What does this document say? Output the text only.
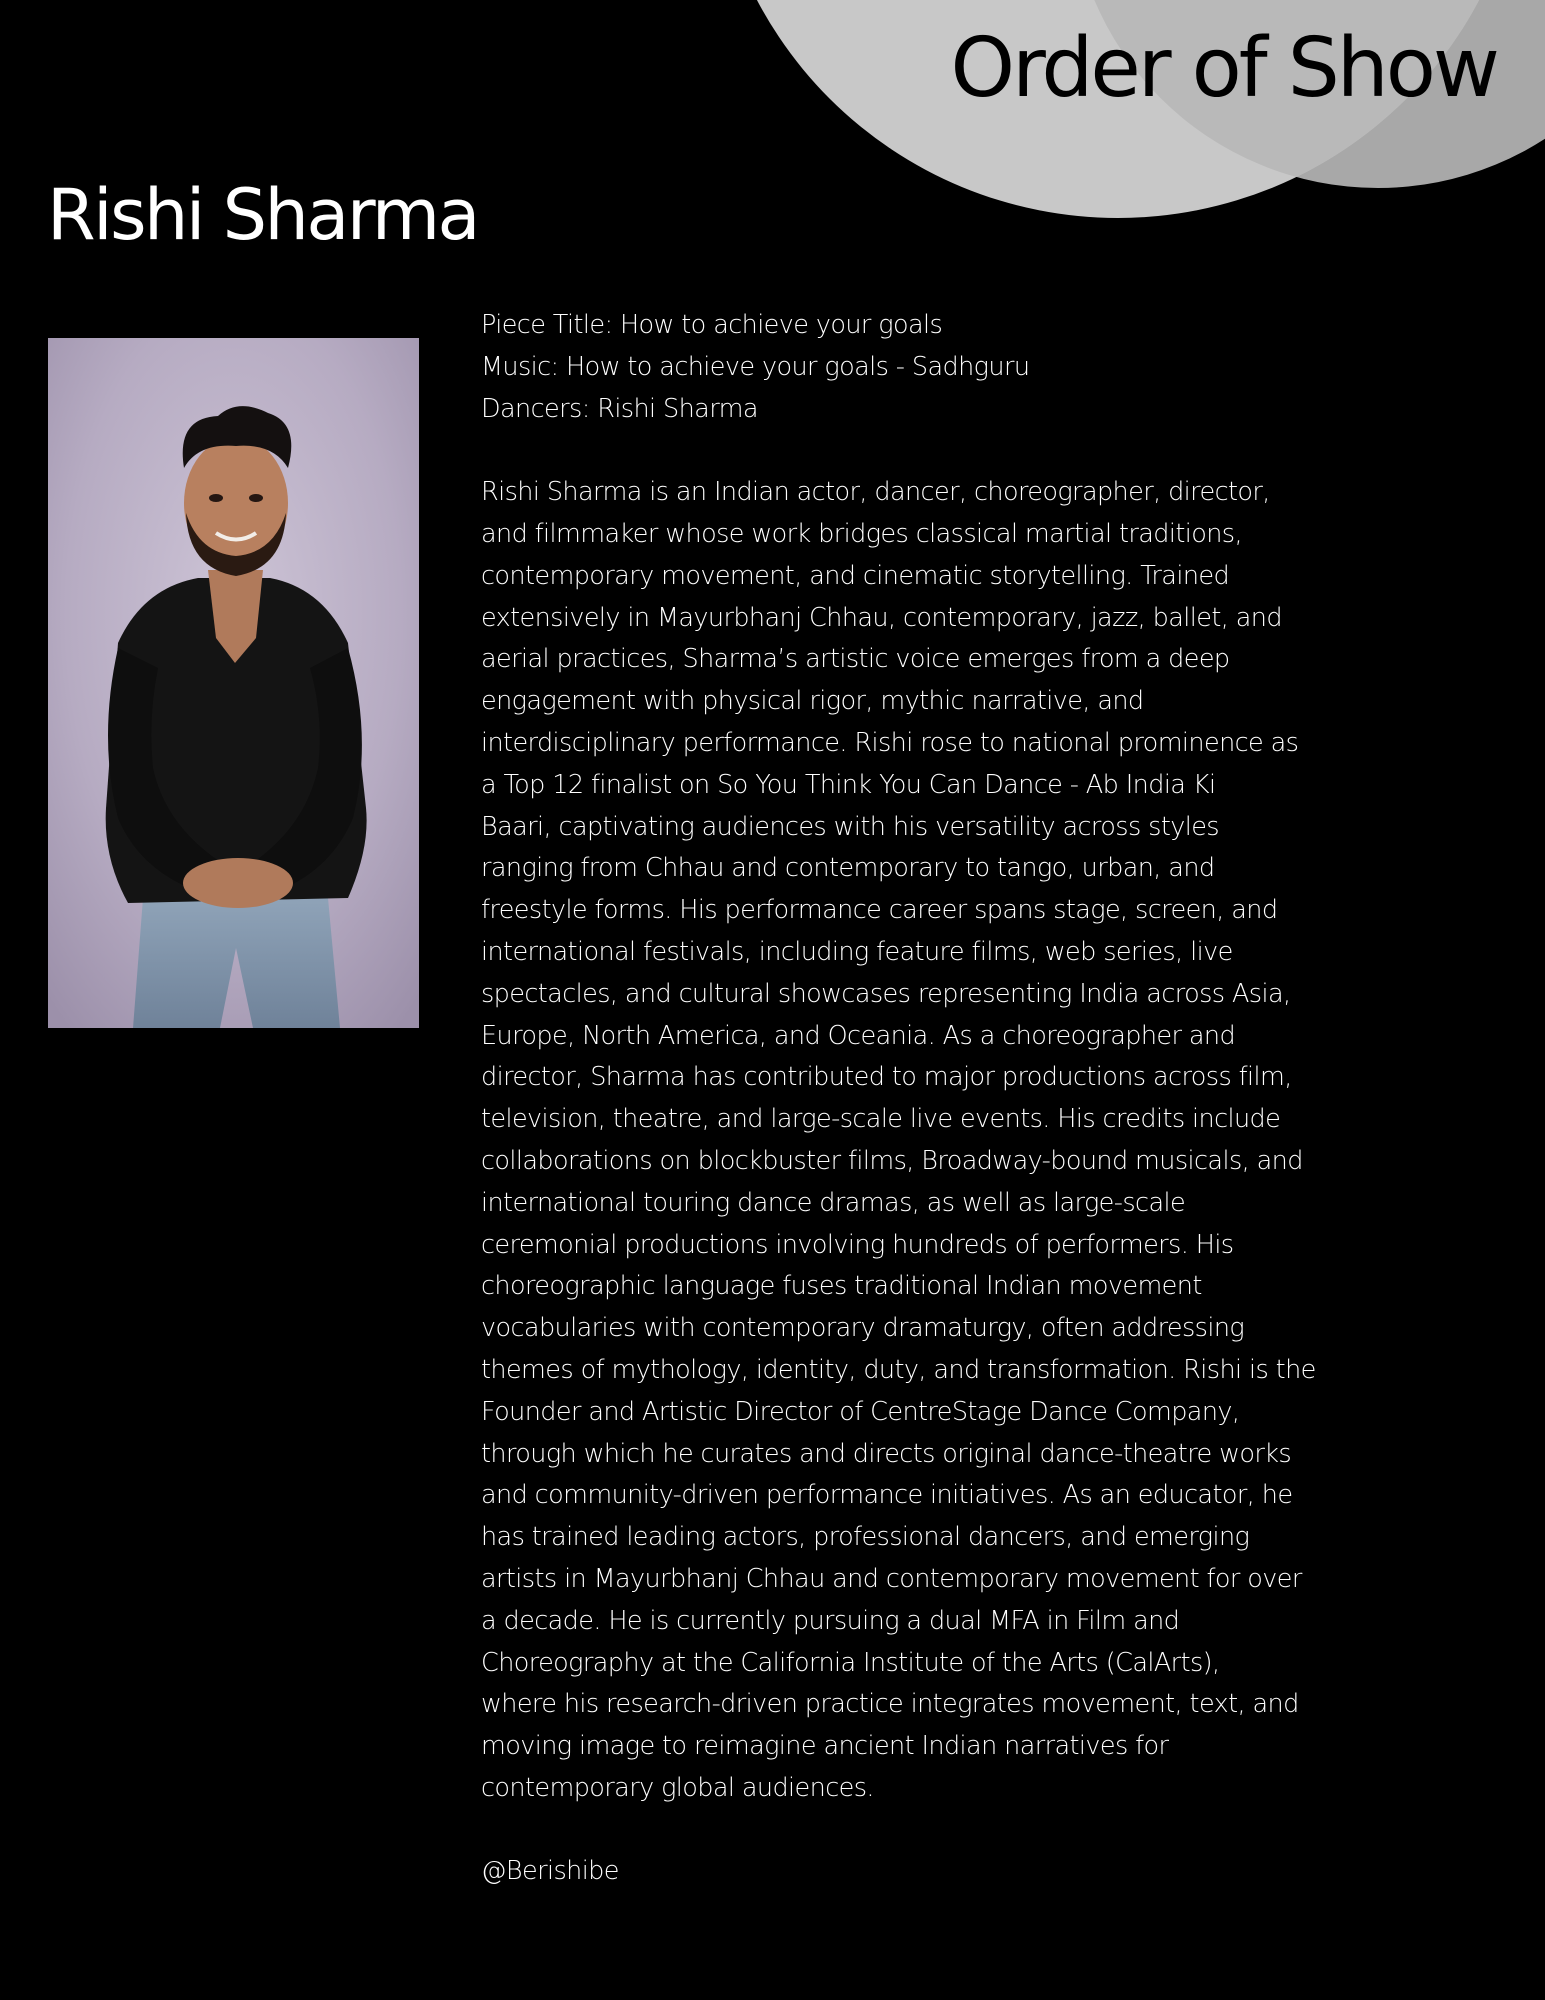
Order of Show
Rishi Sharma
Piece Title: How to achieve your goals
Music: How to achieve your goals - Sadhguru
Dancers: Rishi Sharma
Rishi Sharma is an Indian actor, dancer, choreographer, director,
and filmmaker whose work bridges classical martial traditions,
contemporary movement, and cinematic storytelling. Trained
extensively in Mayurbhanj Chhau, contemporary, jazz, ballet, and
aerial practices, Sharma’s artistic voice emerges from a deep
engagement with physical rigor, mythic narrative, and
interdisciplinary performance. Rishi rose to national prominence as
a Top 12 finalist on So You Think You Can Dance - Ab India Ki
Baari, captivating audiences with his versatility across styles
ranging from Chhau and contemporary to tango, urban, and
freestyle forms. His performance career spans stage, screen, and
international festivals, including feature films, web series, live
spectacles, and cultural showcases representing India across Asia,
Europe, North America, and Oceania. As a choreographer and
director, Sharma has contributed to major productions across film,
television, theatre, and large-scale live events. His credits include
collaborations on blockbuster films, Broadway-bound musicals, and
international touring dance dramas, as well as large-scale
ceremonial productions involving hundreds of performers. His
choreographic language fuses traditional Indian movement
vocabularies with contemporary dramaturgy, often addressing
themes of mythology, identity, duty, and transformation. Rishi is the
Founder and Artistic Director of CentreStage Dance Company,
through which he curates and directs original dance-theatre works
and community-driven performance initiatives. As an educator, he
has trained leading actors, professional dancers, and emerging
artists in Mayurbhanj Chhau and contemporary movement for over
a decade. He is currently pursuing a dual MFA in Film and
Choreography at the California Institute of the Arts (CalArts),
where his research-driven practice integrates movement, text, and
moving image to reimagine ancient Indian narratives for
contemporary global audiences.
@Berishibe
